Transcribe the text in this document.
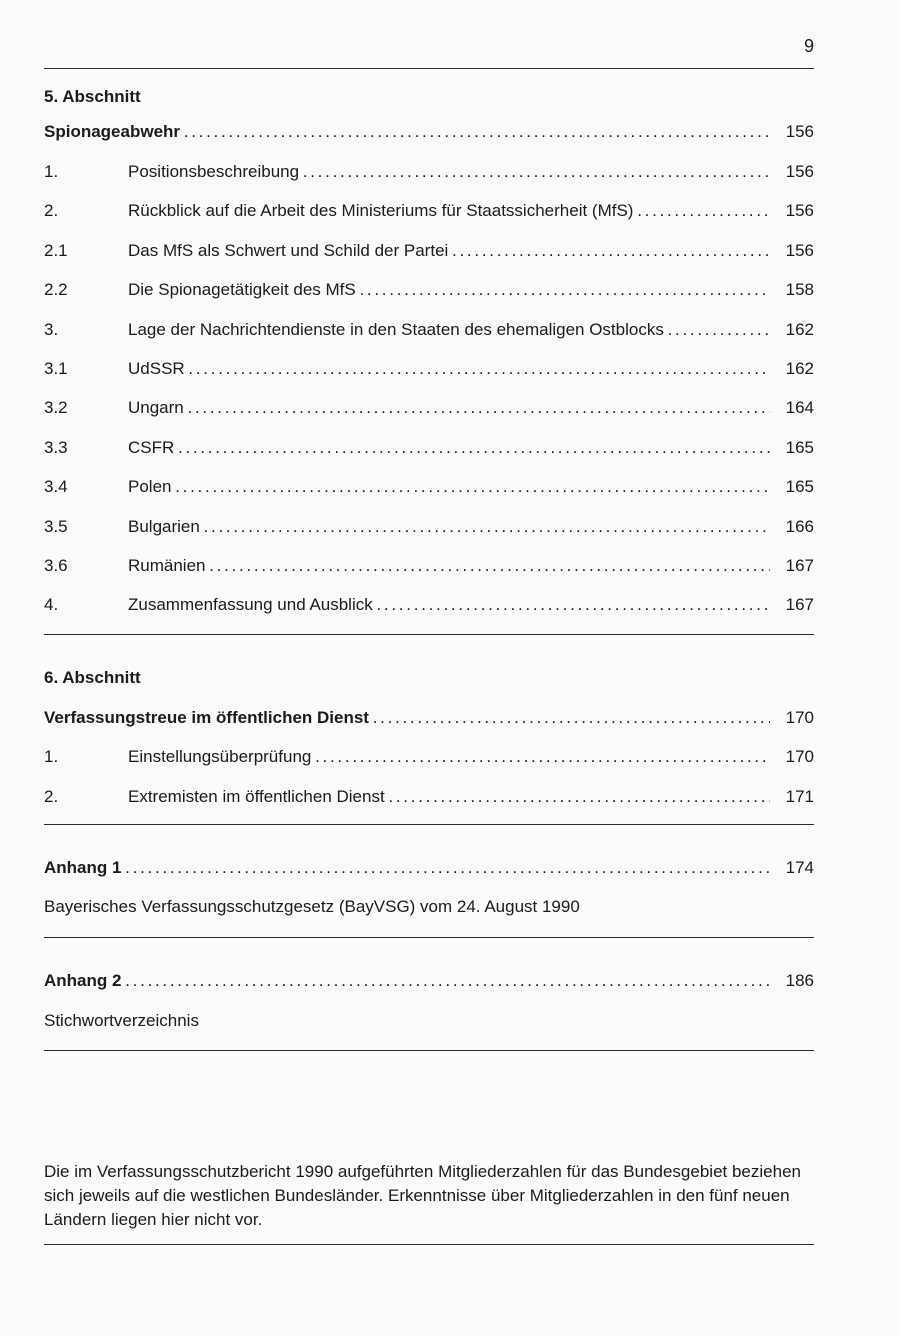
9
5. Abschnitt
Spionageabwehr . . .	156
1.	Positionsbeschreibung . . .	156
2.	Rückblick auf die Arbeit des Ministeriums für Staatssicherheit (MfS) . . .	156
2.1	Das MfS als Schwert und Schild der Partei . . .	156
2.2	Die Spionagetätigkeit des MfS . . .	158
3.	Lage der Nachrichtendienste in den Staaten des ehemaligen Ostblocks . . .	162
3.1	UdSSR . . .	162
3.2	Ungarn . . .	164
3.3	CSFR . . .	165
3.4	Polen . . .	165
3.5	Bulgarien . . .	166
3.6	Rumänien . . .	167
4.	Zusammenfassung und Ausblick . . .	167
6. Abschnitt
Verfassungstreue im öffentlichen Dienst . . .	170
1.	Einstellungsüberprüfung . . .	170
2.	Extremisten im öffentlichen Dienst . . .	171
Anhang 1 . . .	174
Bayerisches Verfassungsschutzgesetz (BayVSG) vom 24. August 1990
Anhang 2 . . .	186
Stichwortverzeichnis
Die im Verfassungsschutzbericht 1990 aufgeführten Mitgliederzahlen für das Bundesgebiet beziehen sich jeweils auf die westlichen Bundesländer. Erkenntnisse über Mitgliederzahlen in den fünf neuen Ländern liegen hier nicht vor.
